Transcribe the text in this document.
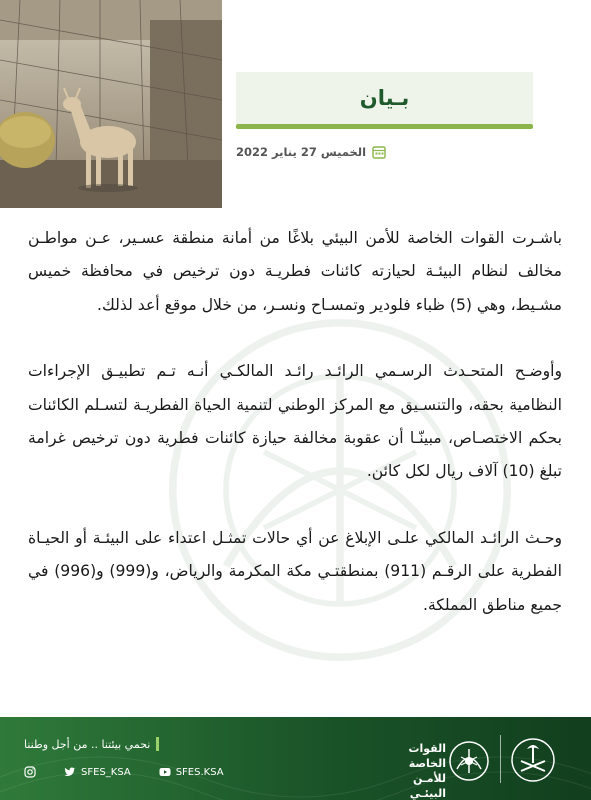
بـيان
الخميس 27 يناير 2022

باشـرت القوات الخاصة للأمن البيئي بلاغًا من أمانة منطقة عسـير، عـن مواطـن مخالف لنظام البيئـة لحيازته كائنات فطريـة دون ترخيص في محافظة خميس مشـيط، وهي (5) ظباء فلودير وتمسـاح ونسـر، من خلال موقع أعد لذلك.

وأوضـح المتحـدث الرسـمي الرائـد رائـد المالكـي أنـه تـم تطبيـق الإجراءات النظامية بحقه، والتنسـيق مع المركز الوطني لتنمية الحياة الفطريـة لتسـلم الكائنات بحكم الاختصـاص، مبينّـا أن عقوبة مخالفة حيازة كائنات فطرية دون ترخيص غرامة تبلغ (10) آلاف ريال لكل كائن.

وحـث الرائـد المالكي علـى الإبلاغ عن أي حالات تمثـل اعتداء على البيئـة أو الحيـاة الفطرية على الرقـم (911) بمنطقتـي مكة المكرمة والرياض، و(999) و(996) في جميع مناطق المملكة.

نحمي بيئتنا .. من أجل وطننا
SFES_KSA	SFES.KSA
القوات الخاصة
للأمـن البيئـي
